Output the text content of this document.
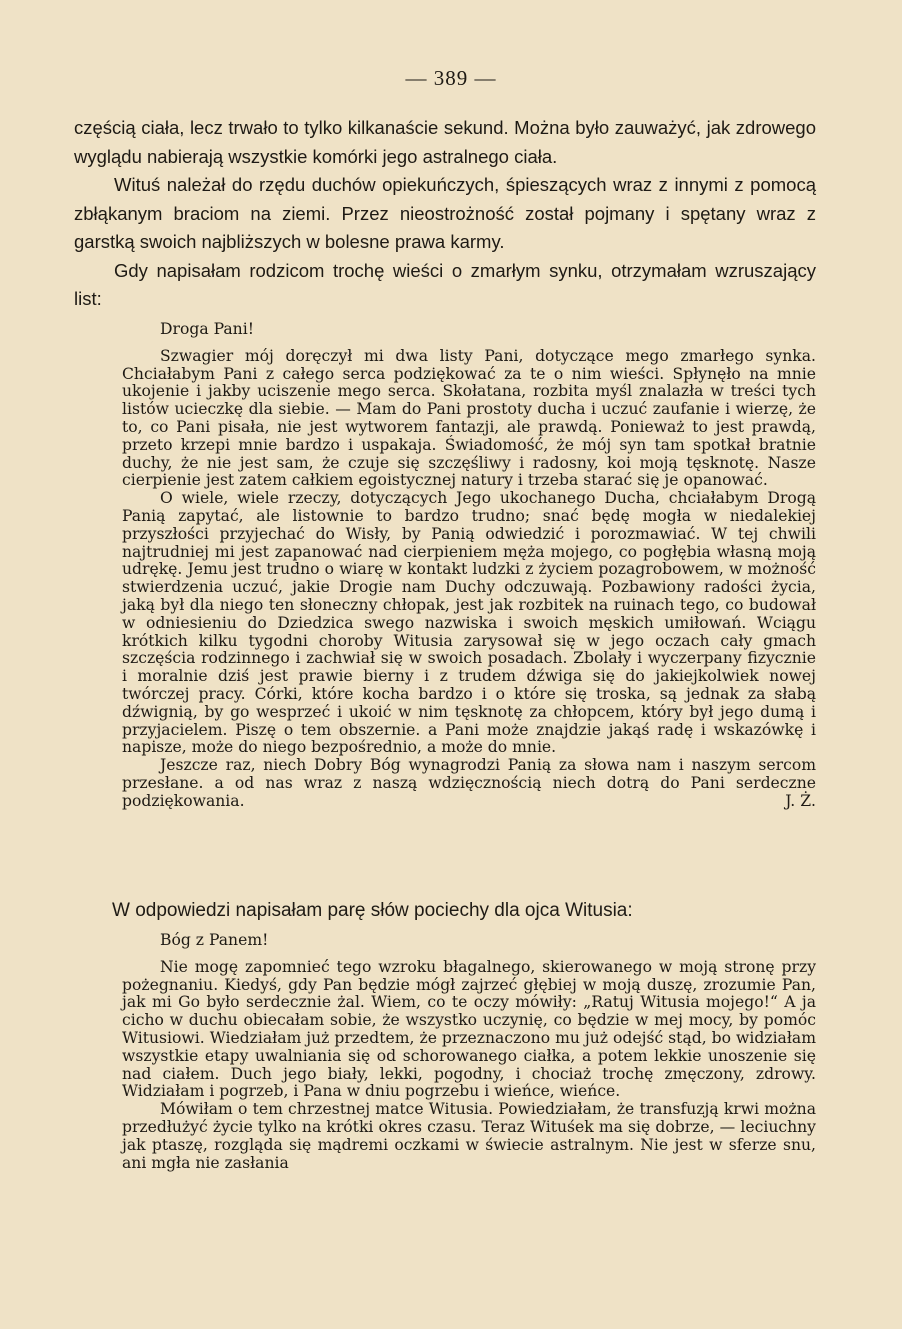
— 389 —

częścią ciała, lecz trwało to tylko kilkanaście sekund. Można było zauważyć, jak zdrowego wyglądu nabierają wszystkie komórki jego astralnego ciała.

Wituś należał do rzędu duchów opiekuńczych, śpieszących wraz z innymi z pomocą zbłąkanym braciom na ziemi. Przez nieostrożność został pojmany i spętany wraz z garstką swoich najbliższych w bolesne prawa karmy.

Gdy napisałam rodzicom trochę wieści o zmarłym synku, otrzymałam wzruszający list:

Droga Pani!

Szwagier mój doręczył mi dwa listy Pani, dotyczące mego zmarłego synka. Chciałabym Pani z całego serca podziękować za te o nim wieści. Spłynęło na mnie ukojenie i jakby uciszenie mego serca. Skołatana, rozbita myśl znalazła w treści tych listów ucieczkę dla siebie. — Mam do Pani prostoty ducha i uczuć zaufanie i wierzę, że to, co Pani pisała, nie jest wytworem fantazji, ale prawdą. Ponieważ to jest prawdą, przeto krzepi mnie bardzo i uspakaja. Świadomość, że mój syn tam spotkał bratnie duchy, że nie jest sam, że czuje się szczęśliwy i radosny, koi moją tęsknotę. Nasze cierpienie jest zatem całkiem egoistycznej natury i trzeba starać się je opanować.

O wiele, wiele rzeczy, dotyczących Jego ukochanego Ducha, chciałabym Drogą Panią zapytać, ale listownie to bardzo trudno; snać będę mogła w niedalekiej przyszłości przyjechać do Wisły, by Panią odwiedzić i porozmawiać. W tej chwili najtrudniej mi jest zapanować nad cierpieniem męża mojego, co pogłębia własną moją udrękę. Jemu jest trudno o wiarę w kontakt ludzki z życiem pozagrobowem, w możność stwierdzenia uczuć, jakie Drogie nam Duchy odczuwają. Pozbawiony radości życia, jaką był dla niego ten słoneczny chłopak, jest jak rozbitek na ruinach tego, co budował w odniesieniu do Dziedzica swego nazwiska i swoich męskich umiłowań. Wciągu krótkich kilku tygodni choroby Witusia zarysował się w jego oczach cały gmach szczęścia rodzinnego i zachwiał się w swoich posadach. Zbolały i wyczerpany fizycznie i moralnie dziś jest prawie bierny i z trudem dźwiga się do jakiejkolwiek nowej twórczej pracy. Córki, które kocha bardzo i o które się troska, są jednak za słabą dźwignią, by go wesprzeć i ukoić w nim tęsknotę za chłopcem, który był jego dumą i przyjacielem. Piszę o tem obszernie. a Pani może znajdzie jakąś radę i wskazówkę i napisze, może do niego bezpośrednio, a może do mnie.

Jeszcze raz, niech Dobry Bóg wynagrodzi Panią za słowa nam i naszym sercom przesłane. a od nas wraz z naszą wdzięcznością niech dotrą do Pani serdeczne podziękowania.	J. Ż.

W odpowiedzi napisałam parę słów pociechy dla ojca Witusia:

Bóg z Panem!

Nie mogę zapomnieć tego wzroku błagalnego, skierowanego w moją stronę przy pożegnaniu. Kiedyś, gdy Pan będzie mógł zajrzeć głębiej w moją duszę, zrozumie Pan, jak mi Go było serdecznie żal. Wiem, co te oczy mówiły: „Ratuj Witusia mojego!“ A ja cicho w duchu obiecałam sobie, że wszystko uczynię, co będzie w mej mocy, by pomóc Witusiowi. Wiedziałam już przedtem, że przeznaczono mu już odejść stąd, bo widziałam wszystkie etapy uwalniania się od schorowanego ciałka, a potem lekkie unoszenie się nad ciałem. Duch jego biały, lekki, pogodny, i chociaż trochę zmęczony, zdrowy. Widziałam i pogrzeb, i Pana w dniu pogrzebu i wieńce, wieńce.

Mówiłam o tem chrzestnej matce Witusia. Powiedziałam, że transfuzją krwi można przedłużyć życie tylko na krótki okres czasu. Teraz Wituśek ma się dobrze, — leciuchny jak ptaszę, rozgląda się mądremi oczkami w świecie astralnym. Nie jest w sferze snu, ani mgła nie zasłania
